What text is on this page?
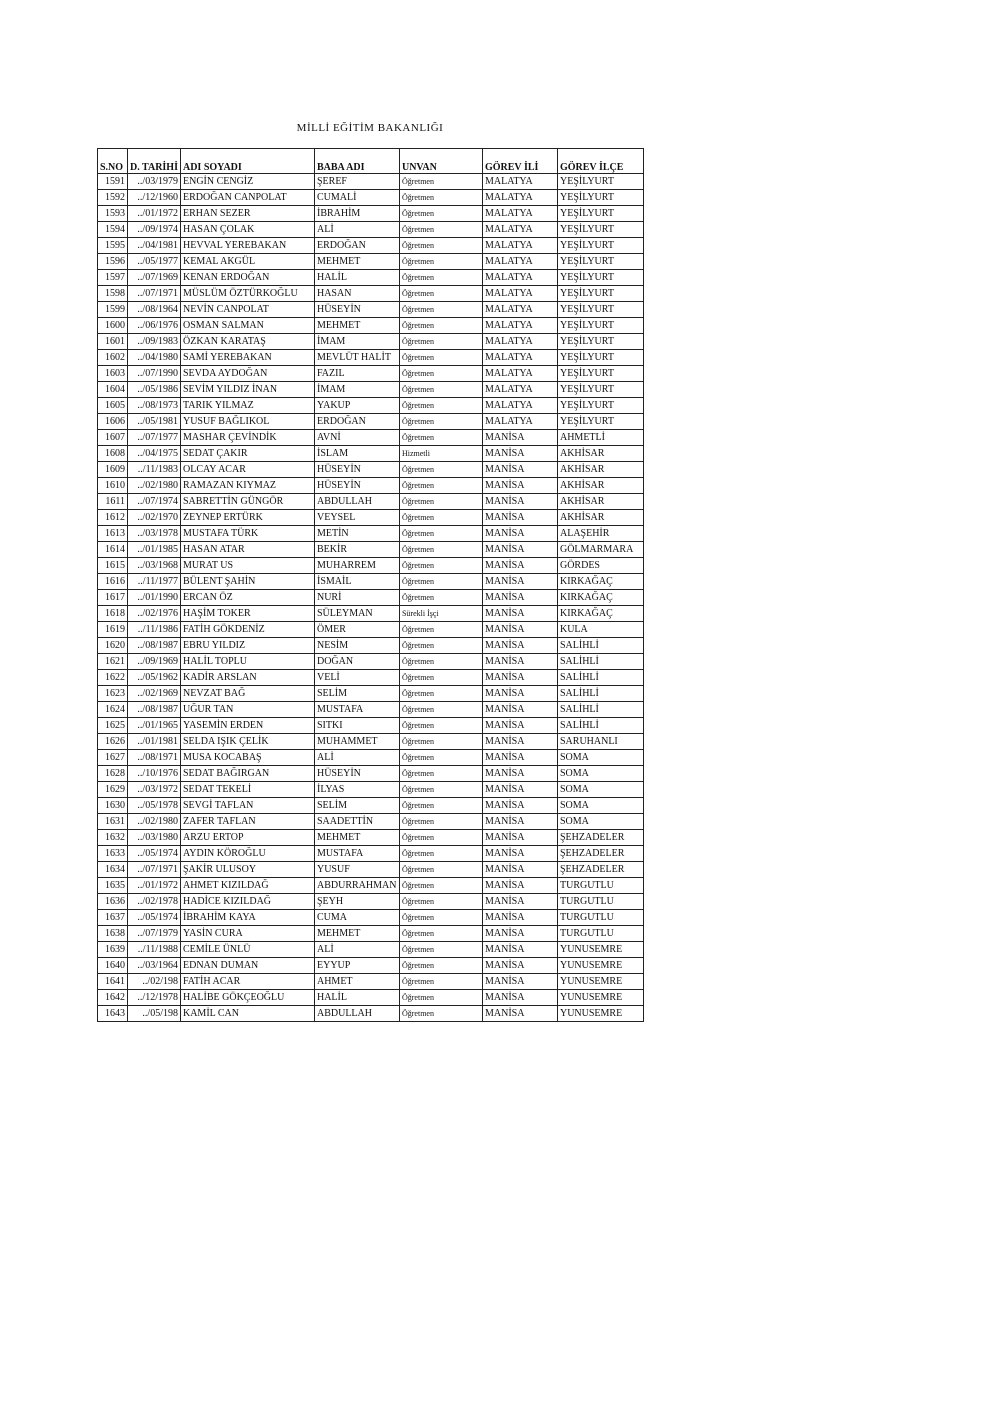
MİLLİ EĞİTİM BAKANLIĞI
S.NO	D. TARİHİ	ADI SOYADI	BABA ADI	UNVAN	GÖREV İLİ	GÖREV İLÇE
1591	../03/1979	ENGİN CENGİZ	ŞEREF	Öğretmen	MALATYA	YEŞİLYURT
1592	../12/1960	ERDOĞAN CANPOLAT	CUMALİ	Öğretmen	MALATYA	YEŞİLYURT
1593	../01/1972	ERHAN SEZER	İBRAHİM	Öğretmen	MALATYA	YEŞİLYURT
1594	../09/1974	HASAN ÇOLAK	ALİ	Öğretmen	MALATYA	YEŞİLYURT
1595	../04/1981	HEVVAL YEREBAKAN	ERDOĞAN	Öğretmen	MALATYA	YEŞİLYURT
1596	../05/1977	KEMAL AKGÜL	MEHMET	Öğretmen	MALATYA	YEŞİLYURT
1597	../07/1969	KENAN ERDOĞAN	HALİL	Öğretmen	MALATYA	YEŞİLYURT
1598	../07/1971	MÜSLÜM ÖZTÜRKOĞLU	HASAN	Öğretmen	MALATYA	YEŞİLYURT
1599	../08/1964	NEVİN CANPOLAT	HÜSEYİN	Öğretmen	MALATYA	YEŞİLYURT
1600	../06/1976	OSMAN SALMAN	MEHMET	Öğretmen	MALATYA	YEŞİLYURT
1601	../09/1983	ÖZKAN KARATAŞ	İMAM	Öğretmen	MALATYA	YEŞİLYURT
1602	../04/1980	SAMİ YEREBAKAN	MEVLÜT HALİT	Öğretmen	MALATYA	YEŞİLYURT
1603	../07/1990	SEVDA AYDOĞAN	FAZIL	Öğretmen	MALATYA	YEŞİLYURT
1604	../05/1986	SEVİM YILDIZ İNAN	İMAM	Öğretmen	MALATYA	YEŞİLYURT
1605	../08/1973	TARIK YILMAZ	YAKUP	Öğretmen	MALATYA	YEŞİLYURT
1606	../05/1981	YUSUF BAĞLIKOL	ERDOĞAN	Öğretmen	MALATYA	YEŞİLYURT
1607	../07/1977	MASHAR ÇEVİNDİK	AVNİ	Öğretmen	MANİSA	AHMETLİ
1608	../04/1975	SEDAT ÇAKIR	İSLAM	Hizmetli	MANİSA	AKHİSAR
1609	../11/1983	OLCAY ACAR	HÜSEYİN	Öğretmen	MANİSA	AKHİSAR
1610	../02/1980	RAMAZAN KIYMAZ	HÜSEYİN	Öğretmen	MANİSA	AKHİSAR
1611	../07/1974	SABRETTİN GÜNGÖR	ABDULLAH	Öğretmen	MANİSA	AKHİSAR
1612	../02/1970	ZEYNEP ERTÜRK	VEYSEL	Öğretmen	MANİSA	AKHİSAR
1613	../03/1978	MUSTAFA TÜRK	METİN	Öğretmen	MANİSA	ALAŞEHİR
1614	../01/1985	HASAN ATAR	BEKİR	Öğretmen	MANİSA	GÖLMARMARA
1615	../03/1968	MURAT US	MUHARREM	Öğretmen	MANİSA	GÖRDES
1616	../11/1977	BÜLENT ŞAHİN	İSMAİL	Öğretmen	MANİSA	KIRKAĞAÇ
1617	../01/1990	ERCAN ÖZ	NURİ	Öğretmen	MANİSA	KIRKAĞAÇ
1618	../02/1976	HAŞİM TOKER	SÜLEYMAN	Sürekli İşçi	MANİSA	KIRKAĞAÇ
1619	../11/1986	FATİH GÖKDENİZ	ÖMER	Öğretmen	MANİSA	KULA
1620	../08/1987	EBRU YILDIZ	NESİM	Öğretmen	MANİSA	SALİHLİ
1621	../09/1969	HALİL TOPLU	DOĞAN	Öğretmen	MANİSA	SALİHLİ
1622	../05/1962	KADİR ARSLAN	VELİ	Öğretmen	MANİSA	SALİHLİ
1623	../02/1969	NEVZAT BAĞ	SELİM	Öğretmen	MANİSA	SALİHLİ
1624	../08/1987	UĞUR TAN	MUSTAFA	Öğretmen	MANİSA	SALİHLİ
1625	../01/1965	YASEMİN ERDEN	SITKI	Öğretmen	MANİSA	SALİHLİ
1626	../01/1981	SELDA IŞIK ÇELİK	MUHAMMET	Öğretmen	MANİSA	SARUHANLI
1627	../08/1971	MUSA KOCABAŞ	ALİ	Öğretmen	MANİSA	SOMA
1628	../10/1976	SEDAT BAĞIRGAN	HÜSEYİN	Öğretmen	MANİSA	SOMA
1629	../03/1972	SEDAT TEKELİ	İLYAS	Öğretmen	MANİSA	SOMA
1630	../05/1978	SEVGİ TAFLAN	SELİM	Öğretmen	MANİSA	SOMA
1631	../02/1980	ZAFER TAFLAN	SAADETTİN	Öğretmen	MANİSA	SOMA
1632	../03/1980	ARZU ERTOP	MEHMET	Öğretmen	MANİSA	ŞEHZADELER
1633	../05/1974	AYDIN KÖROĞLU	MUSTAFA	Öğretmen	MANİSA	ŞEHZADELER
1634	../07/1971	ŞAKİR ULUSOY	YUSUF	Öğretmen	MANİSA	ŞEHZADELER
1635	../01/1972	AHMET KIZILDAĞ	ABDURRAHMAN	Öğretmen	MANİSA	TURGUTLU
1636	../02/1978	HADİCE KIZILDAĞ	ŞEYH	Öğretmen	MANİSA	TURGUTLU
1637	../05/1974	İBRAHİM KAYA	CUMA	Öğretmen	MANİSA	TURGUTLU
1638	../07/1979	YASİN CURA	MEHMET	Öğretmen	MANİSA	TURGUTLU
1639	../11/1988	CEMİLE ÜNLÜ	ALİ	Öğretmen	MANİSA	YUNUSEMRE
1640	../03/1964	EDNAN DUMAN	EYYUP	Öğretmen	MANİSA	YUNUSEMRE
1641	../02/198	FATİH ACAR	AHMET	Öğretmen	MANİSA	YUNUSEMRE
1642	../12/1978	HALİBE GÖKÇEOĞLU	HALİL	Öğretmen	MANİSA	YUNUSEMRE
1643	../05/198	KAMİL CAN	ABDULLAH	Öğretmen	MANİSA	YUNUSEMRE
